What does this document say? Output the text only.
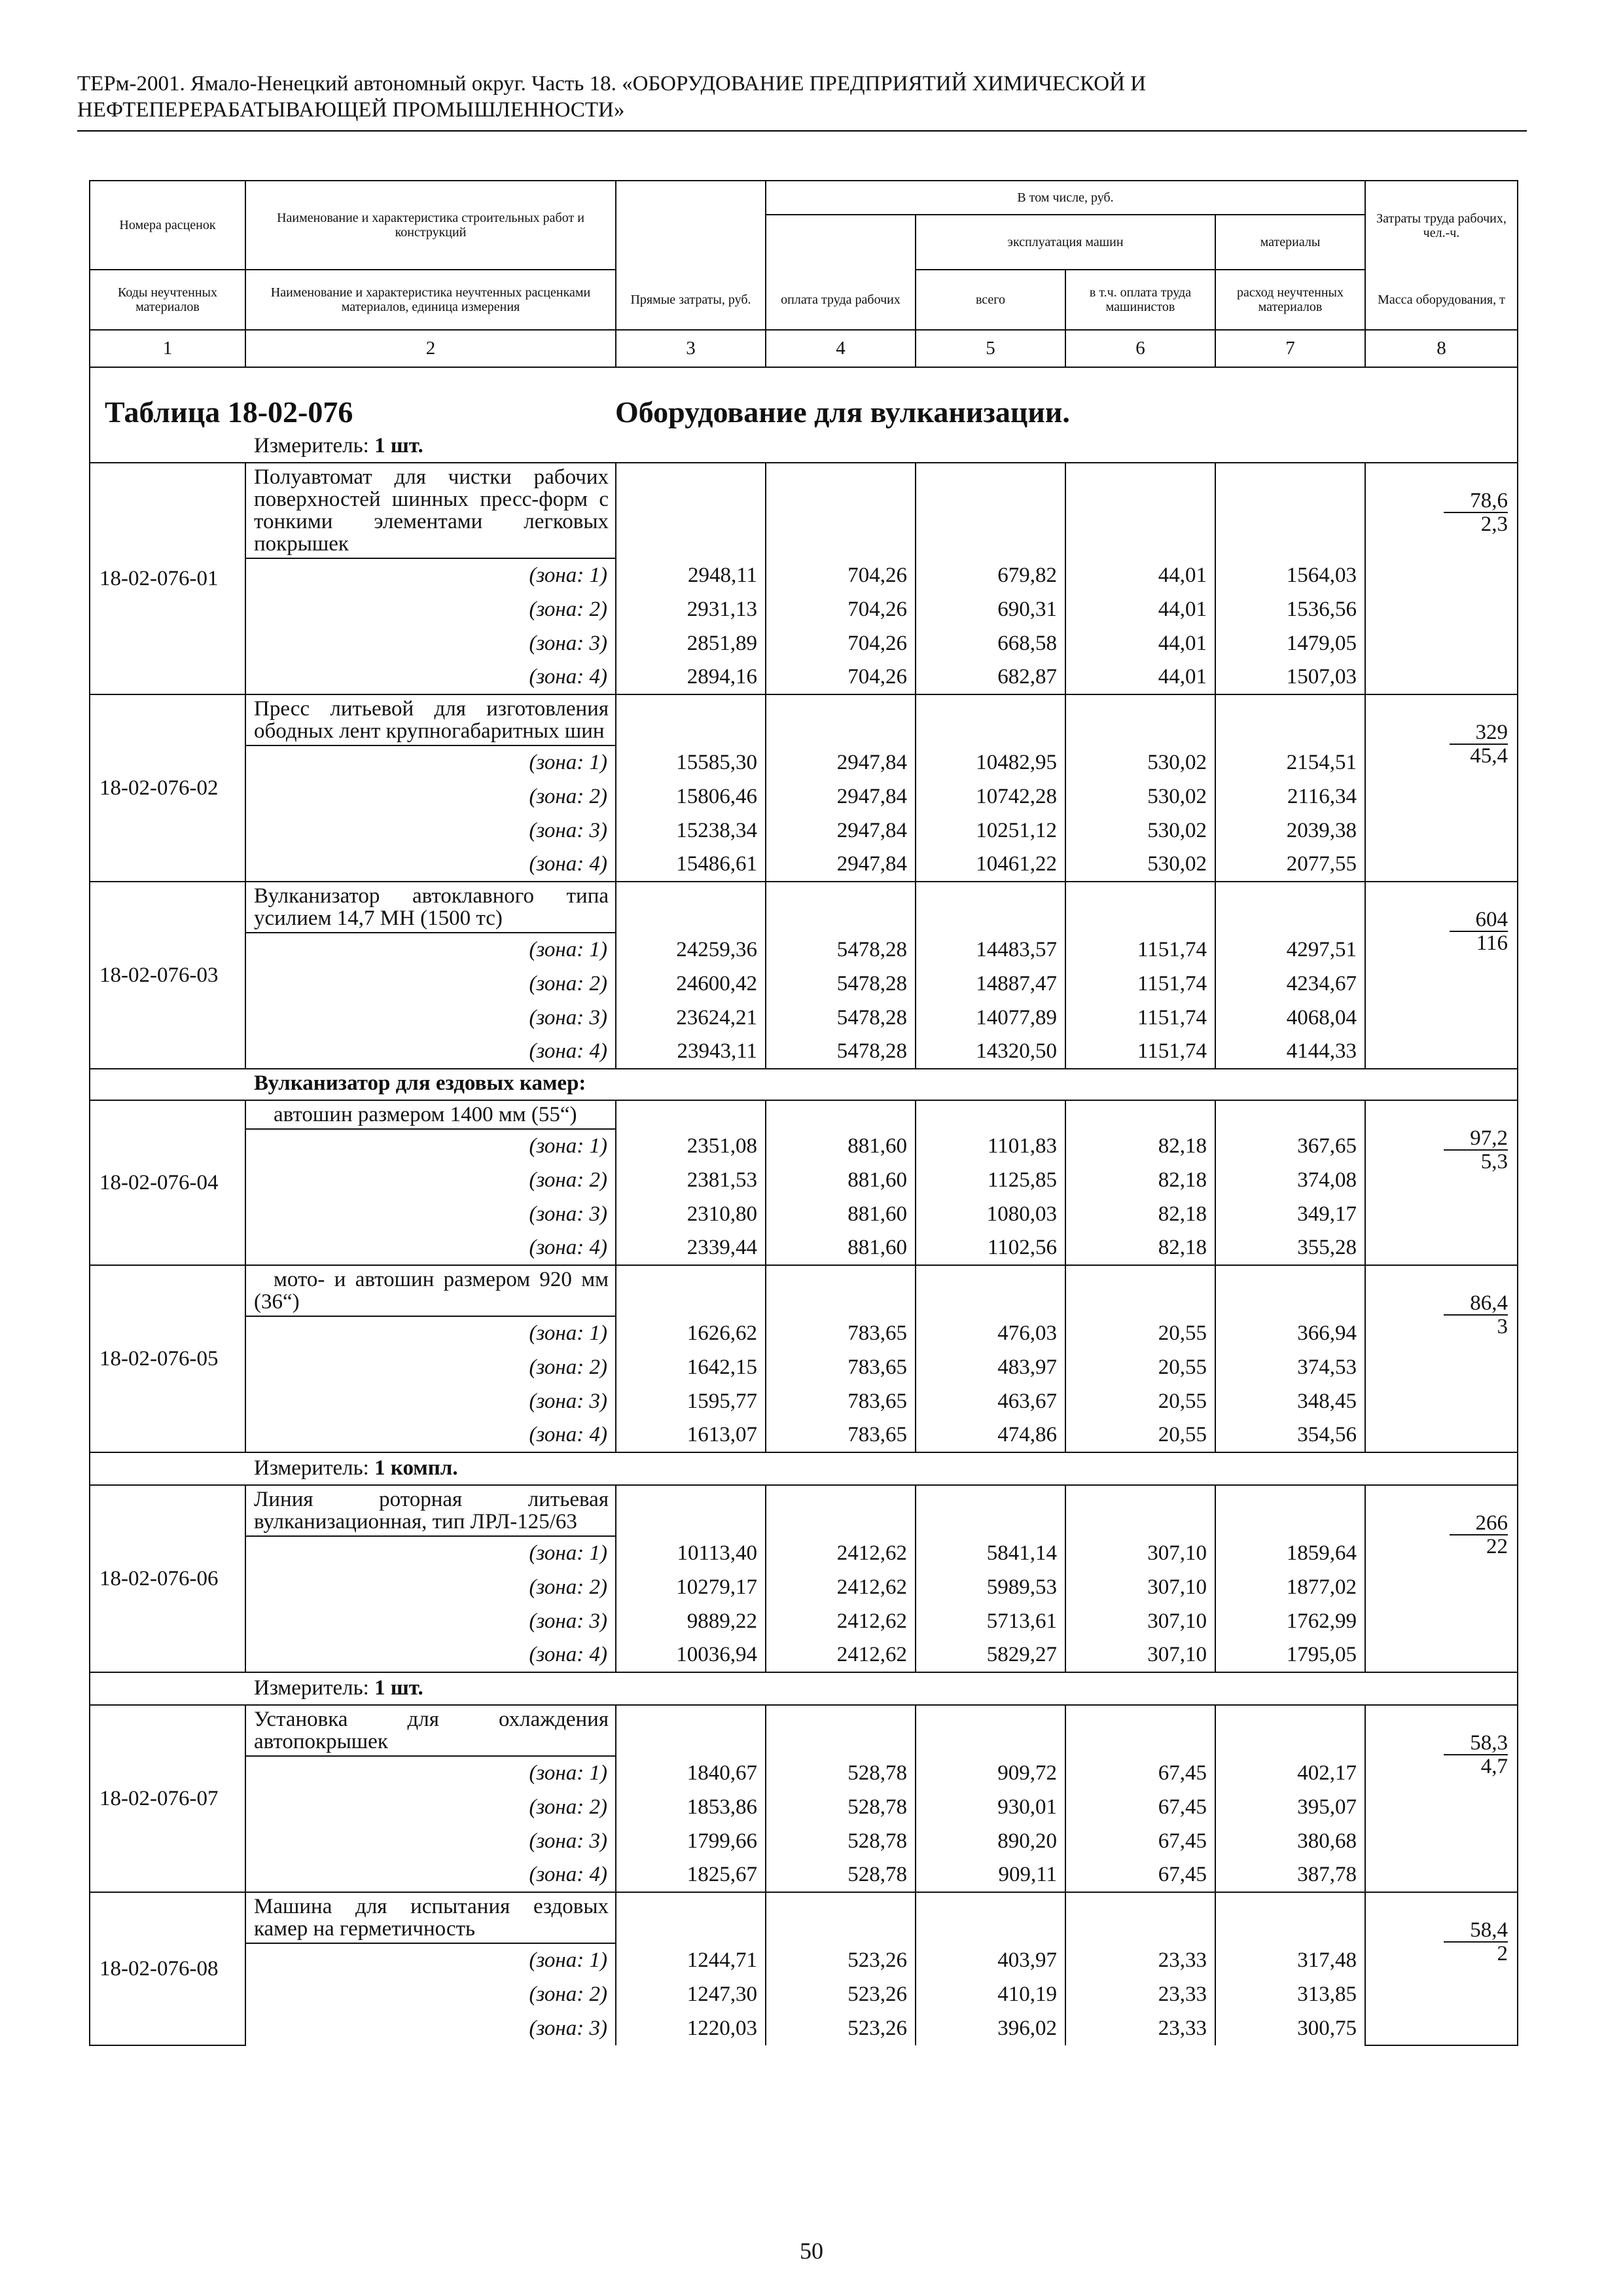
ТЕРм-2001. Ямало-Ненецкий автономный округ. Часть 18. «ОБОРУДОВАНИЕ ПРЕДПРИЯТИЙ ХИМИЧЕСКОЙ И
НЕФТЕПЕРЕРАБАТЫВАЮЩЕЙ ПРОМЫШЛЕННОСТИ»
Номера расценок	Наименование и характеристика строительных работ и конструкций		В том числе, руб.				Затраты труда рабочих, чел.-ч.
				эксплуатация машин		материалы	
Коды неучтенных материалов	Наименование и характеристика неучтенных расценками материалов, единица измерения	Прямые затраты, руб.	оплата труда рабочих	всего	в т.ч. оплата труда машинистов	расход неучтенных материалов	Масса оборудования, т
1	2	3	4	5	6	7	8

Таблица 18-02-076 Оборудование для вулканизации.
Измеритель: 1 шт.							

18-02-076-01	Полуавтомат для чистки рабочих поверхностей шинных пресс-форм с тонкими элементами легковых покрышек						$\frac{78,6}{2,3}$

	(зона: 1)	2948,11	704,26	679,82	44,01	1564,03	
	(зона: 2)	2931,13	704,26	690,31	44,01	1536,56	
	(зона: 3)	2851,89	704,26	668,58	44,01	1479,05	
	(зона: 4)	2894,16	704,26	682,87	44,01	1507,03	
18-02-076-02	Пресс литьевой для изготовления ободных лент крупногабаритных шин						$\frac{329}{45,4}$

	(зона: 1)	15585,30	2947,84	10482,95	530,02	2154,51	
	(зона: 2)	15806,46	2947,84	10742,28	530,02	2116,34	
	(зона: 3)	15238,34	2947,84	10251,12	530,02	2039,38	
	(зона: 4)	15486,61	2947,84	10461,22	530,02	2077,55	
18-02-076-03	Вулканизатор автоклавного типа усилием 14,7 МН (1500 тс)						$\frac{604}{116}$

	(зона: 1)	24259,36	5478,28	14483,57	1151,74	4297,51	
	(зона: 2)	24600,42	5478,28	14887,47	1151,74	4234,67	
	(зона: 3)	23624,21	5478,28	14077,89	1151,74	4068,04	
	(зона: 4)	23943,11	5478,28	14320,50	1151,74	4144,33	

Вулканизатор для ездовых камер:							

18-02-076-04	автошин размером 1400 мм (55“)						$\frac{97,2}{5,3}$

	(зона: 1)	2351,08	881,60	1101,83	82,18	367,65	
	(зона: 2)	2381,53	881,60	1125,85	82,18	374,08	
	(зона: 3)	2310,80	881,60	1080,03	82,18	349,17	
	(зона: 4)	2339,44	881,60	1102,56	82,18	355,28	
18-02-076-05	мото- и автошин размером 920 мм (36“)						$\frac{86,4}{3}$

	(зона: 1)	1626,62	783,65	476,03	20,55	366,94	
	(зона: 2)	1642,15	783,65	483,97	20,55	374,53	
	(зона: 3)	1595,77	783,65	463,67	20,55	348,45	
	(зона: 4)	1613,07	783,65	474,86	20,55	354,56	

Измеритель: 1 компл.							

18-02-076-06	Линия роторная литьевая вулканизационная, тип ЛРЛ-125/63						$\frac{266}{22}$

	(зона: 1)	10113,40	2412,62	5841,14	307,10	1859,64	
	(зона: 2)	10279,17	2412,62	5989,53	307,10	1877,02	
	(зона: 3)	9889,22	2412,62	5713,61	307,10	1762,99	
	(зона: 4)	10036,94	2412,62	5829,27	307,10	1795,05	

Измеритель: 1 шт.							

18-02-076-07	Установка для охлаждения автопокрышек						$\frac{58,3}{4,7}$

	(зона: 1)	1840,67	528,78	909,72	67,45	402,17	
	(зона: 2)	1853,86	528,78	930,01	67,45	395,07	
	(зона: 3)	1799,66	528,78	890,20	67,45	380,68	
	(зона: 4)	1825,67	528,78	909,11	67,45	387,78	
18-02-076-08	Машина для испытания ездовых камер на герметичность						$\frac{58,4}{2}$

	(зона: 1)	1244,71	523,26	403,97	23,33	317,48	
	(зона: 2)	1247,30	523,26	410,19	23,33	313,85	
	(зона: 3)	1220,03	523,26	396,02	23,33	300,75	
50
